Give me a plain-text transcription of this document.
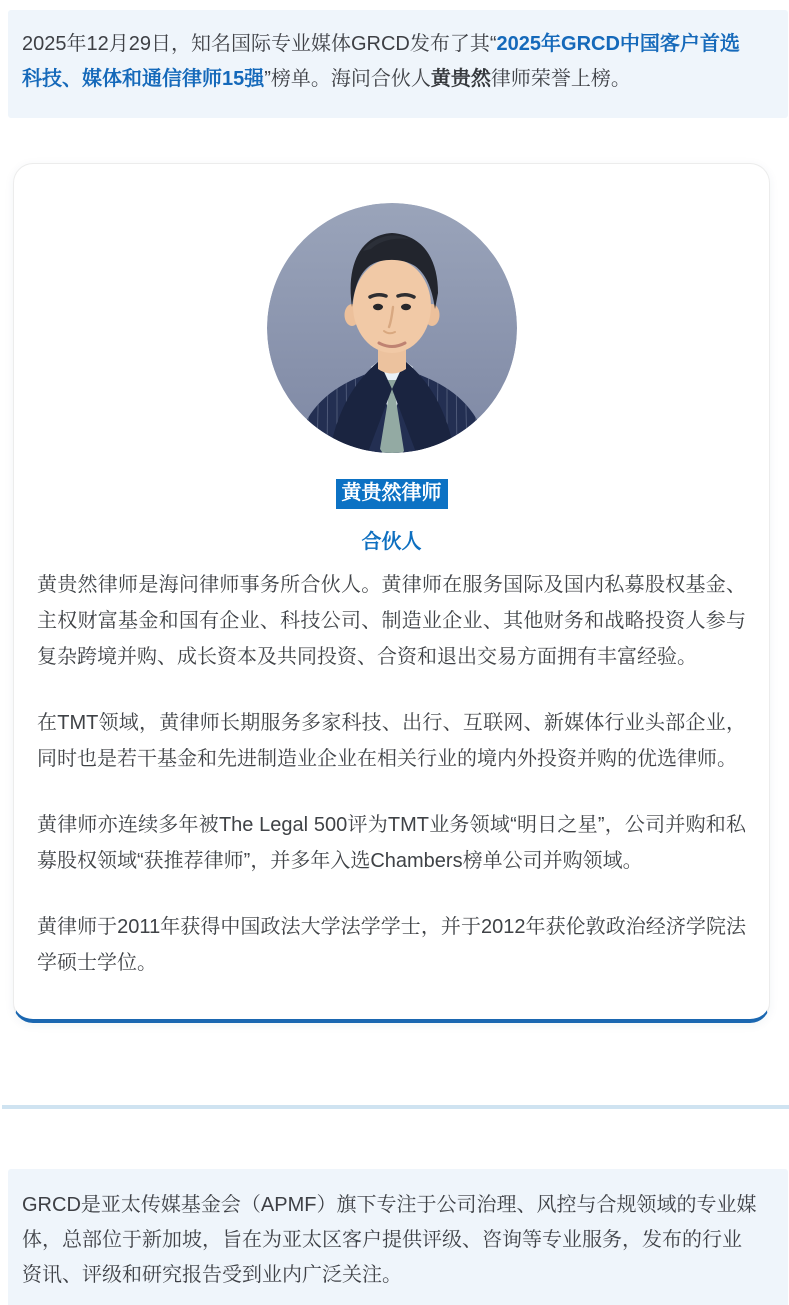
2025年12月29日，知名国际专业媒体GRCD发布了其“2025年GRCD中国客户首选科技、媒体和通信律师15强”榜单。海问合伙人黄贵然律师荣誉上榜。

黄贵然律师
合伙人

黄贵然律师是海问律师事务所合伙人。黄律师在服务国际及国内私募股权基金、主权财富基金和国有企业、科技公司、制造业企业、其他财务和战略投资人参与复杂跨境并购、成长资本及共同投资、合资和退出交易方面拥有丰富经验。

在TMT领域，黄律师长期服务多家科技、出行、互联网、新媒体行业头部企业，同时也是若干基金和先进制造业企业在相关行业的境内外投资并购的优选律师。

黄律师亦连续多年被The Legal 500评为TMT业务领域“明日之星”，公司并购和私募股权领域“获推荐律师”，并多年入选Chambers榜单公司并购领域。

黄律师于2011年获得中国政法大学法学学士，并于2012年获伦敦政治经济学院法学硕士学位。

GRCD是亚太传媒基金会（APMF）旗下专注于公司治理、风控与合规领域的专业媒体，总部位于新加坡，旨在为亚太区客户提供评级、咨询等专业服务，发布的行业资讯、评级和研究报告受到业内广泛关注。
